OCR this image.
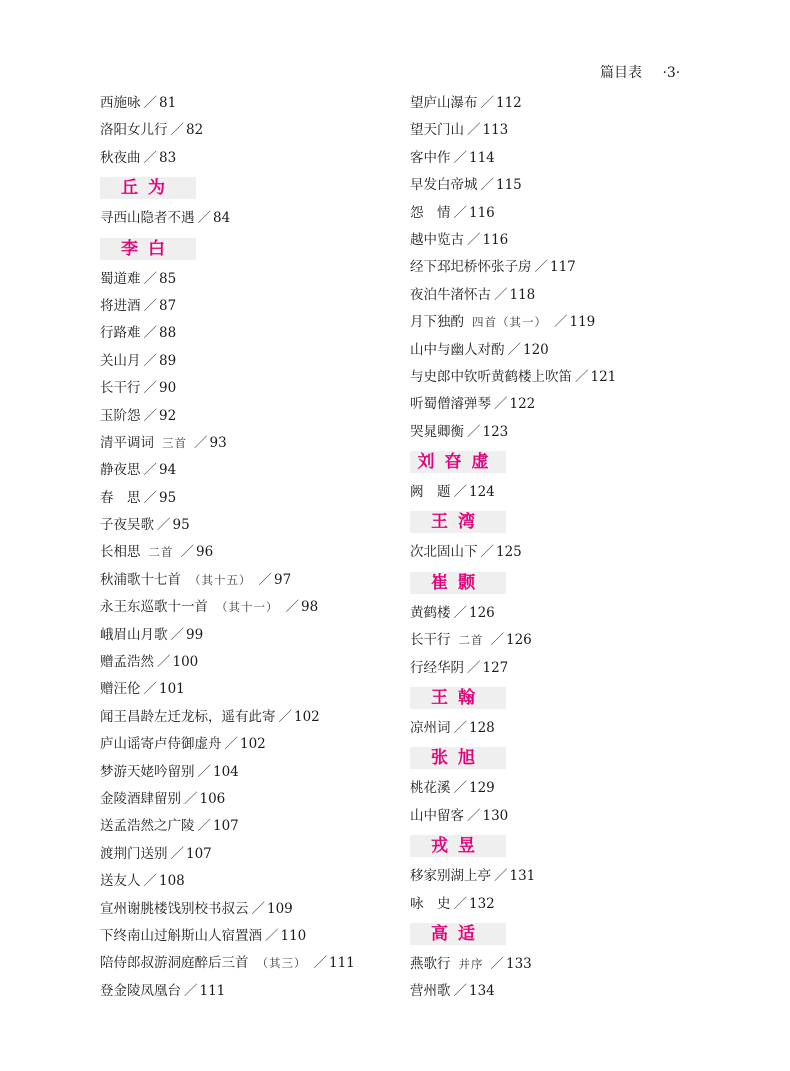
篇目表 ·3·
西施咏 ／ 81
洛阳女儿行 ／ 82
秋夜曲 ／ 83
丘为
寻西山隐者不遇 ／ 84
李白
蜀道难 ／ 85
将进酒 ／ 87
行路难 ／ 88
关山月 ／ 89
长干行 ／ 90
玉阶怨 ／ 92
清平调词 三首 ／ 93
静夜思 ／ 94
春　思 ／ 95
子夜吴歌 ／ 95
长相思 二首 ／ 96
秋浦歌十七首 （其十五） ／ 97
永王东巡歌十一首 （其十一） ／ 98
峨眉山月歌 ／ 99
赠孟浩然 ／ 100
赠汪伦 ／ 101
闻王昌龄左迁龙标，遥有此寄 ／ 102
庐山谣寄卢侍御虚舟 ／ 102
梦游天姥吟留别 ／ 104
金陵酒肆留别 ／ 106
送孟浩然之广陵 ／ 107
渡荆门送别 ／ 107
送友人 ／ 108
宣州谢朓楼饯别校书叔云 ／ 109
下终南山过斛斯山人宿置酒 ／ 110
陪侍郎叔游洞庭醉后三首 （其三） ／ 111
登金陵凤凰台 ／ 111
望庐山瀑布 ／ 112
望天门山 ／ 113
客中作 ／ 114
早发白帝城 ／ 115
怨　情 ／ 116
越中览古 ／ 116
经下邳圯桥怀张子房 ／ 117
夜泊牛渚怀古 ／ 118
月下独酌 四首（其一） ／ 119
山中与幽人对酌 ／ 120
与史郎中钦听黄鹤楼上吹笛 ／ 121
听蜀僧濬弹琴 ／ 122
哭晁卿衡 ／ 123
刘昚虚
阙　题 ／ 124
王湾
次北固山下 ／ 125
崔颢
黄鹤楼 ／ 126
长干行 二首 ／ 126
行经华阴 ／ 127
王翰
凉州词 ／ 128
张旭
桃花溪 ／ 129
山中留客 ／ 130
戎昱
移家别湖上亭 ／ 131
咏　史 ／ 132
高适
燕歌行 并序 ／ 133
营州歌 ／ 134
